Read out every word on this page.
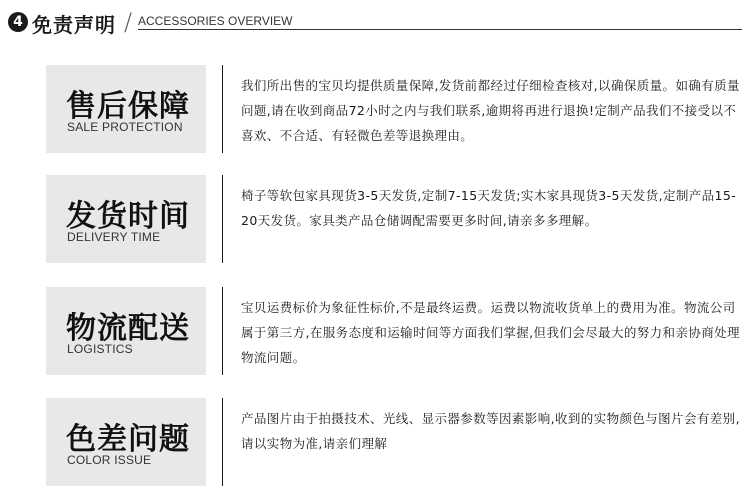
4 免责声明 / ACCESSORIES OVERVIEW
售后保障
SALE PROTECTION
我们所出售的宝贝均提供质量保障,发货前都经过仔细检查核对,以确保质量。如确有质量问题,请在收到商品72小时之内与我们联系,逾期将再进行退换!定制产品我们不接受以不喜欢、不合适、有轻微色差等退换理由。
发货时间
DELIVERY TIME
椅子等软包家具现货3-5天发货,定制7-15天发货;实木家具现货3-5天发货,定制产品15-20天发货。家具类产品仓储调配需要更多时间,请亲多多理解。
物流配送
LOGISTICS
宝贝运费标价为象征性标价,不是最终运费。运费以物流收货单上的费用为准。物流公司属于第三方,在服务态度和运输时间等方面我们掌握,但我们会尽最大的努力和亲协商处理物流问题。
色差问题
COLOR ISSUE
产品图片由于拍摄技术、光线、显示器参数等因素影响,收到的实物颜色与图片会有差别,请以实物为准,请亲们理解
